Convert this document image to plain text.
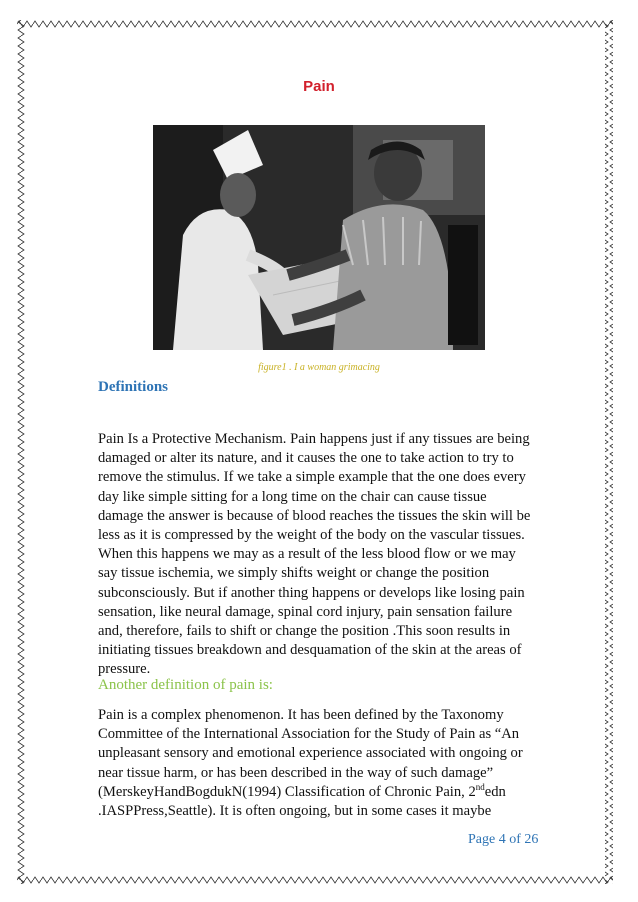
Pain
figure1 . I a woman grimacing
Definitions
Pain Is a Protective Mechanism. Pain happens just if any tissues are being
damaged or alter its nature, and it causes the one to take action to try to
remove the stimulus. If we take a simple example that the one does every
day like simple sitting for a long time on the chair can cause tissue
damage the answer is because of blood reaches the tissues the skin will be
less as it is compressed by the weight of the body on the vascular tissues.
When this happens we may as a result of the less blood flow or we may
say tissue ischemia, we simply shifts weight or change the position
subconsciously. But if another thing happens or develops like losing pain
sensation, like neural damage, spinal cord injury, pain sensation failure
and, therefore, fails to shift or change the position .This soon results in
initiating tissues breakdown and desquamation of the skin at the areas of
pressure.
Another definition of pain is:
Pain is a complex phenomenon. It has been defined by the Taxonomy
Committee of the International Association for the Study of Pain as “An
unpleasant sensory and emotional experience associated with ongoing or
near tissue harm, or has been described in the way of such damage”
(MerskeyHandBogdukN(1994) Classification of Chronic Pain, 2ndedn
.IASPPress,Seattle). It is often ongoing, but in some cases it maybe
Page 4 of 26
